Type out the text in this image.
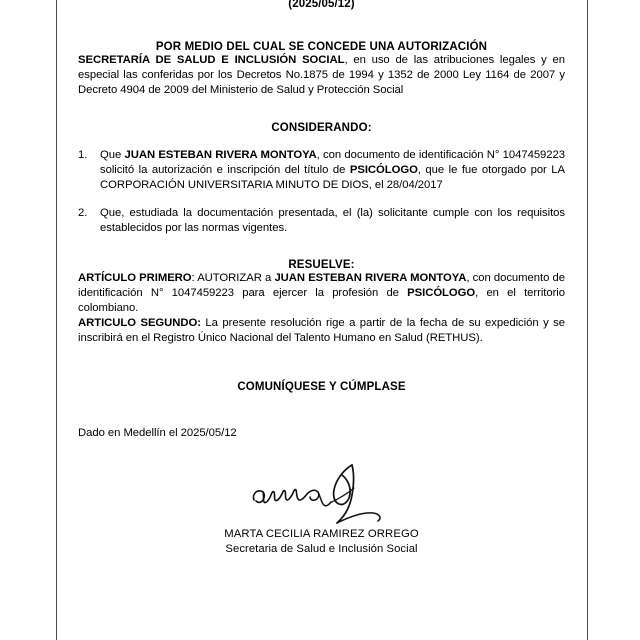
(2025/05/12)
POR MEDIO DEL CUAL SE CONCEDE UNA AUTORIZACIÓN

SECRETARÍA DE SALUD E INCLUSIÓN SOCIAL, en uso de las atribuciones legales y en especial las conferidas por los Decretos No.1875 de 1994 y 1352 de 2000 Ley 1164 de 2007 y Decreto 4904 de 2009 del Ministerio de Salud y Protección Social

CONSIDERANDO:
Que JUAN ESTEBAN RIVERA MONTOYA, con documento de identificación N° 1047459223 solicitó la autorización e inscripción del título de PSICÓLOGO, que le fue otorgado por LA CORPORACIÓN UNIVERSITARIA MINUTO DE DIOS, el 28/04/2017
Que, estudiada la documentación presentada, el (la) solicitante cumple con los requisitos establecidos por las normas vigentes.
RESUELVE:

ARTÍCULO PRIMERO: AUTORIZAR a JUAN ESTEBAN RIVERA MONTOYA, con documento de identificación N° 1047459223 para ejercer la profesión de PSICÓLOGO, en el territorio colombiano.

ARTICULO SEGUNDO: La presente resolución rige a partir de la fecha de su expedición y se inscribirá en el Registro Único Nacional del Talento Humano en Salud (RETHUS).

COMUNÍQUESE Y CÚMPLASE

Dado en Medellín el 2025/05/12

MARTA CECILIA RAMIREZ ORREGO
Secretaria de Salud e Inclusión Social
